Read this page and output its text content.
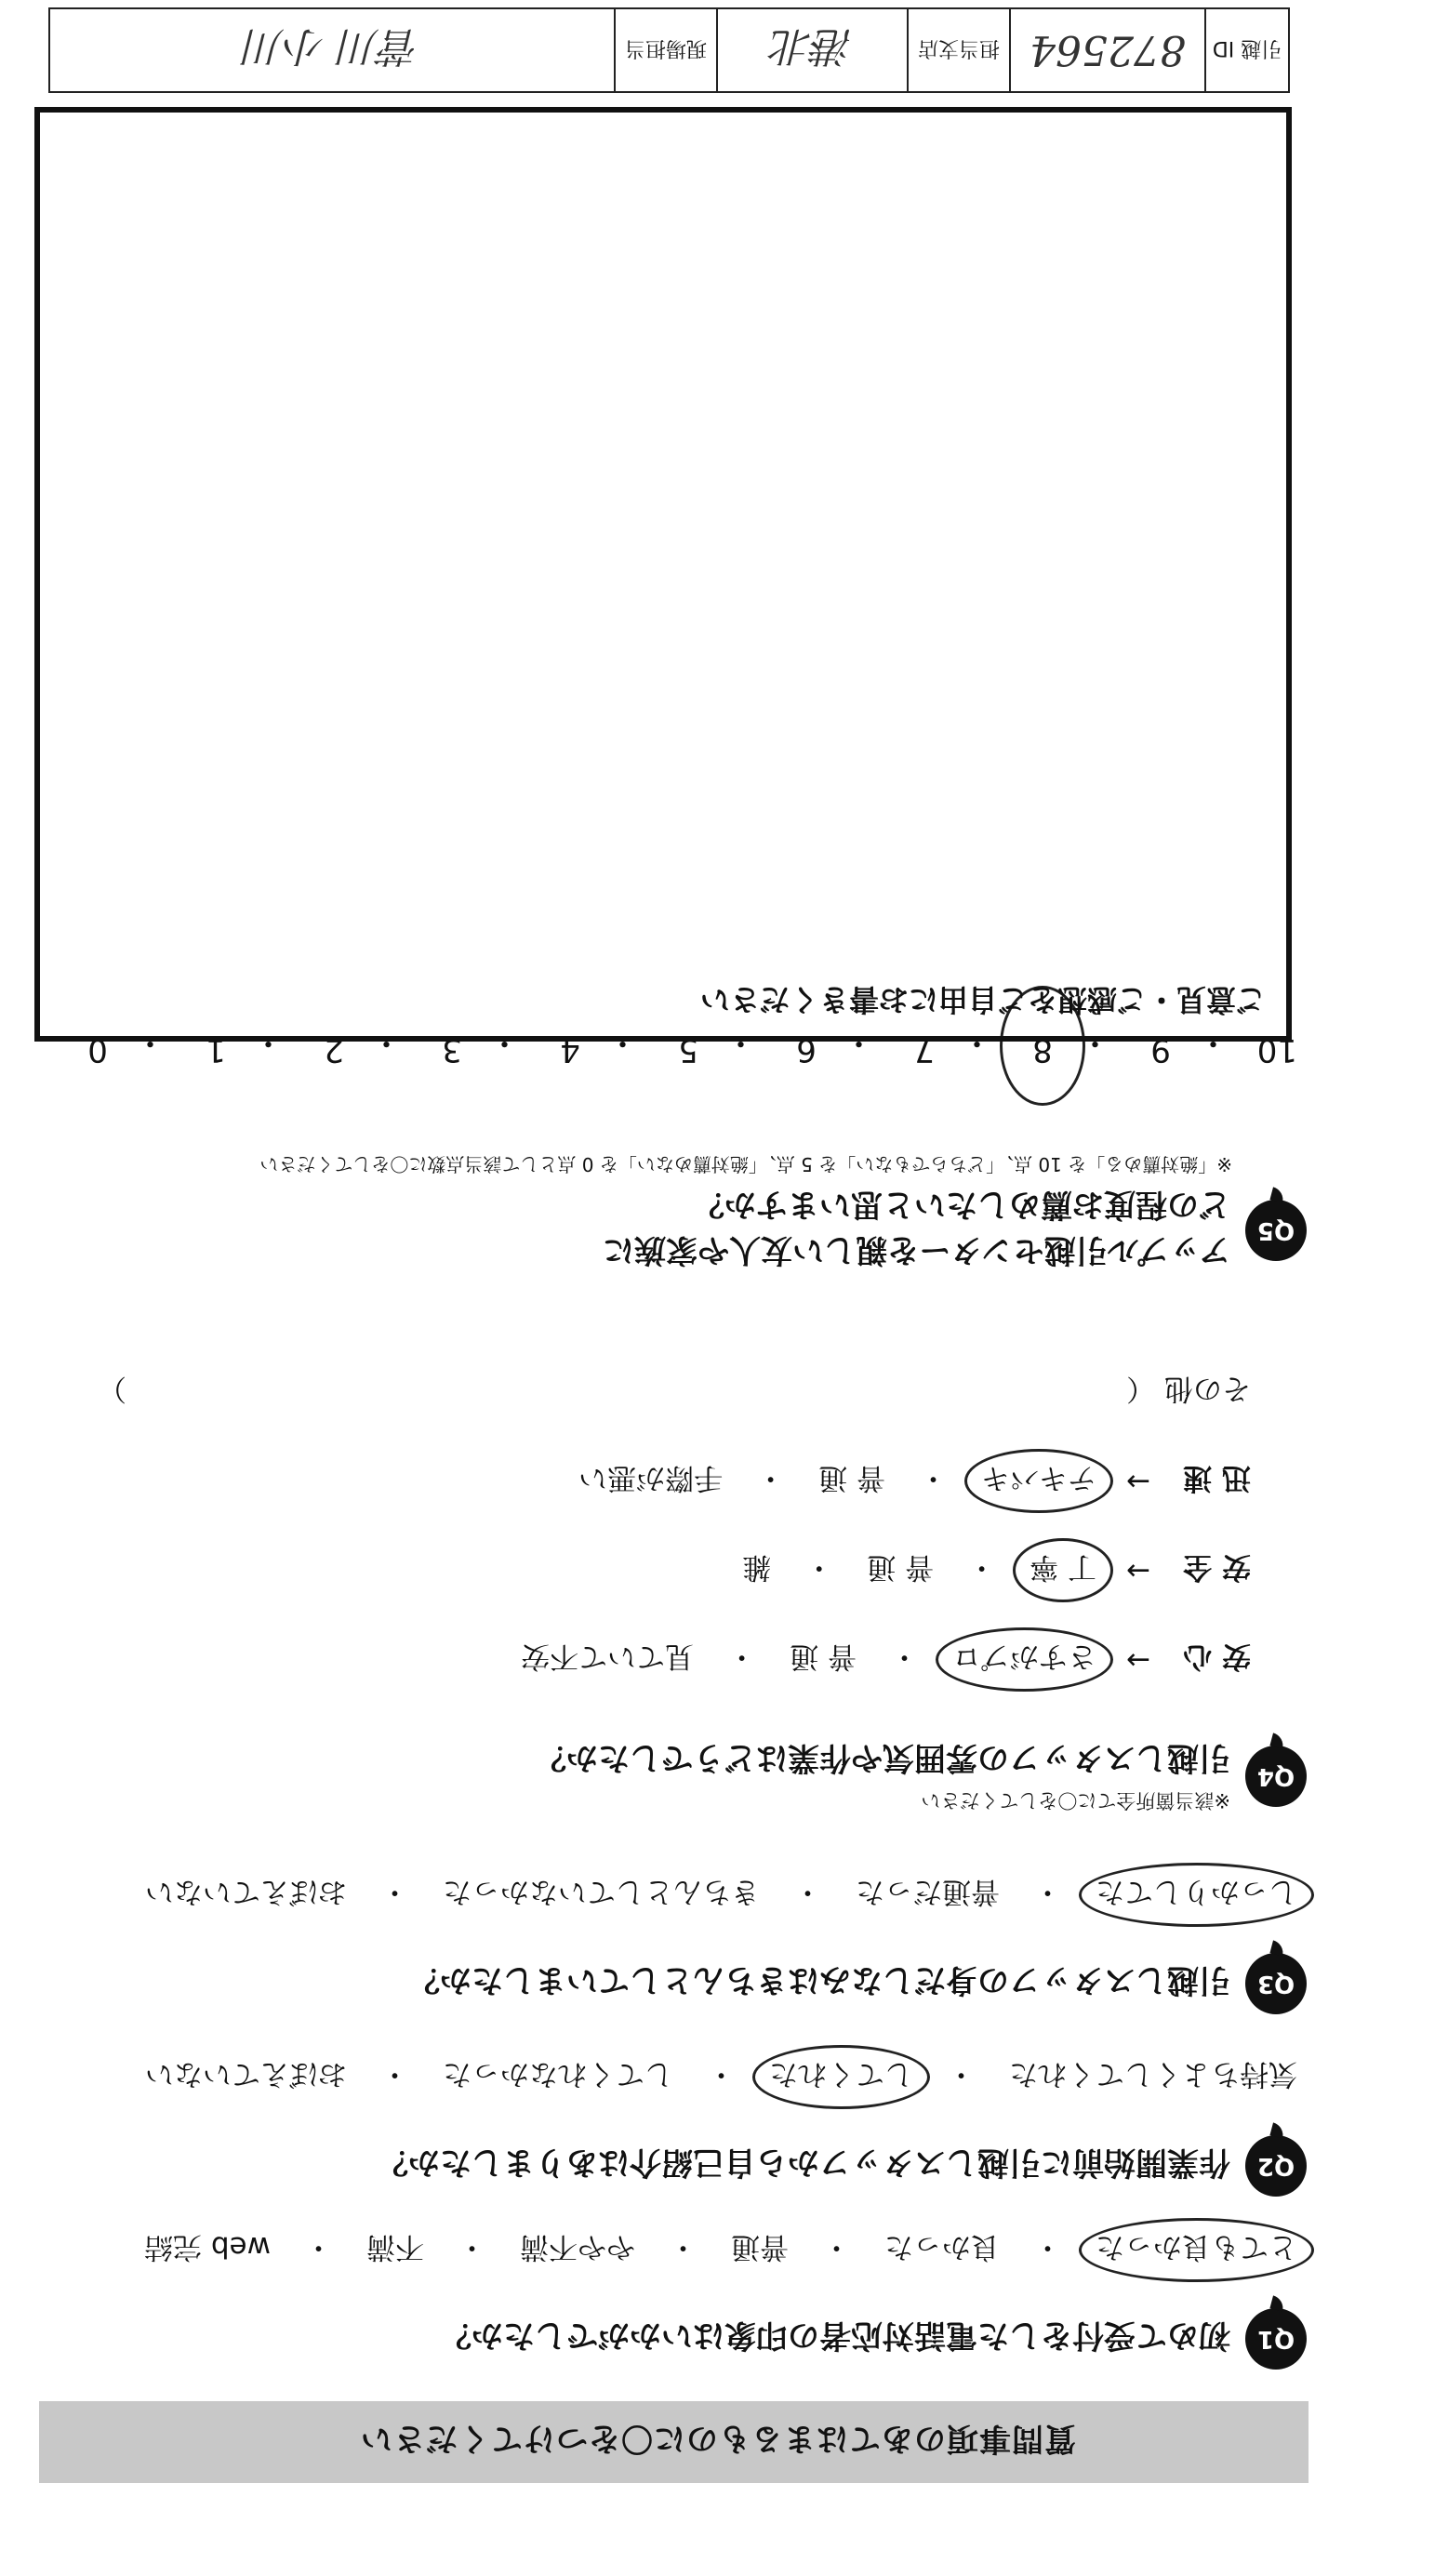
質問事項のあてはまるものに〇をつけてください
Q1
初めて受付をした電話対応者の印象はいかがでしたか？
とても良かった
・
良かった
・
普通
・
やや不満
・
不満
・
web 完結
Q2
作業開始前に引越しスタッフから自己紹介はありましたか？
気持ちよくしてくれた
・
してくれた
・
してくれなかった
・
おぼえていない
Q3
引越しスタッフの身だしなみはきちんとしていましたか？
しっかりしてた
・
普通だった
・
きちんとしていなかった
・
おぼえていない
Q4
※該当箇所全てに〇をしてください
引越しスタッフの雰囲気や作業はどうでしたか？
安 心
→
さすがプロ
・
普 通
・
見ていて不安
安 全
→
丁 寧
・
普 通
・
雑
迅 速
→
テキパキ
・
普 通
・
手際が悪い
その他 （
）
Q5
アップル引越センターを親しい友人や家族に
どの程度お薦めしたいと思いますか？
※「絶対薦める」を 10 点、「どちらでもない」を 5 点、「絶対薦めない」を 0 点として該当点数に〇をしてください
10
・
9
・
8
・
7
・
6
・
5
・
4
・
3
・
2
・
1
・
0
ご意見・ご感想をご自由にお書きください
引越 ID
872564
担当支店
港北
現場担当
菅川 小川
